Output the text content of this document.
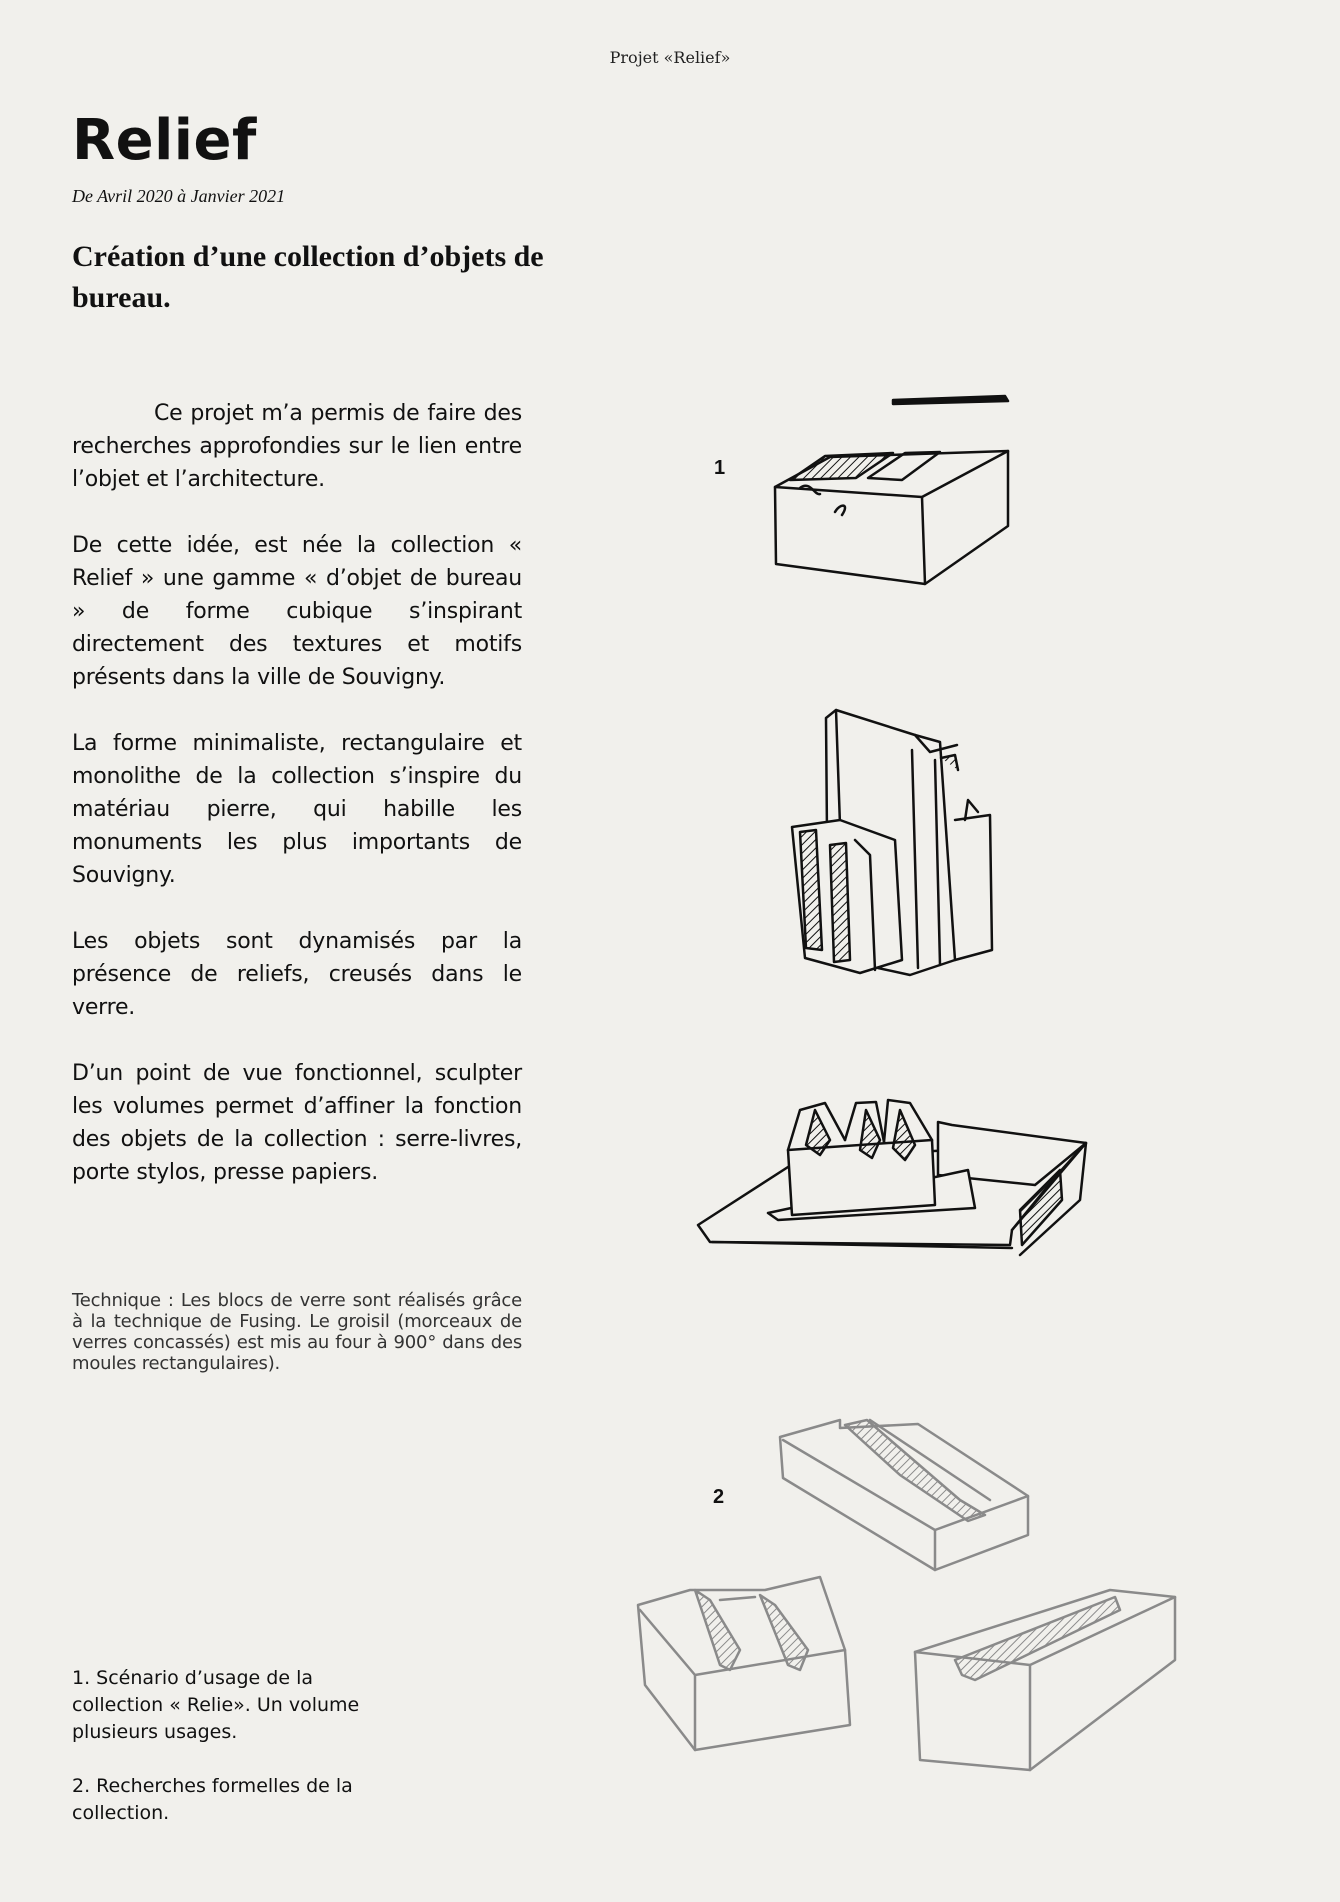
Projet «Relief»
Relief
De Avril 2020 à Janvier 2021
Création d’une collection d’objets de bureau.

Ce projet m’a permis de faire des recherches approfondies sur le lien entre l’objet et l’architecture.

De cette idée, est née la collection « Relief » une gamme « d’objet de bureau » de forme cubique s’inspirant directement des textures et motifs présents dans la ville de Souvigny.

La forme minimaliste, rectangulaire et monolithe de la collection s’inspire du matériau pierre, qui habille les monuments les plus importants de Souvigny.

Les objets sont dynamisés par la présence de reliefs, creusés dans le verre.

D’un point de vue fonctionnel, sculpter les volumes permet d’affiner la fonction des objets de la collection : serre-livres, porte stylos, presse papiers.

Technique : Les blocs de verre sont réalisés grâce à la technique de Fusing. Le groisil (morceaux de verres concassés) est mis au four à 900° dans des moules rectangulaires).

1. Scénario d’usage de la collection « Relie». Un volume plusieurs usages.

2. Recherches formelles de la collection.

1
2
